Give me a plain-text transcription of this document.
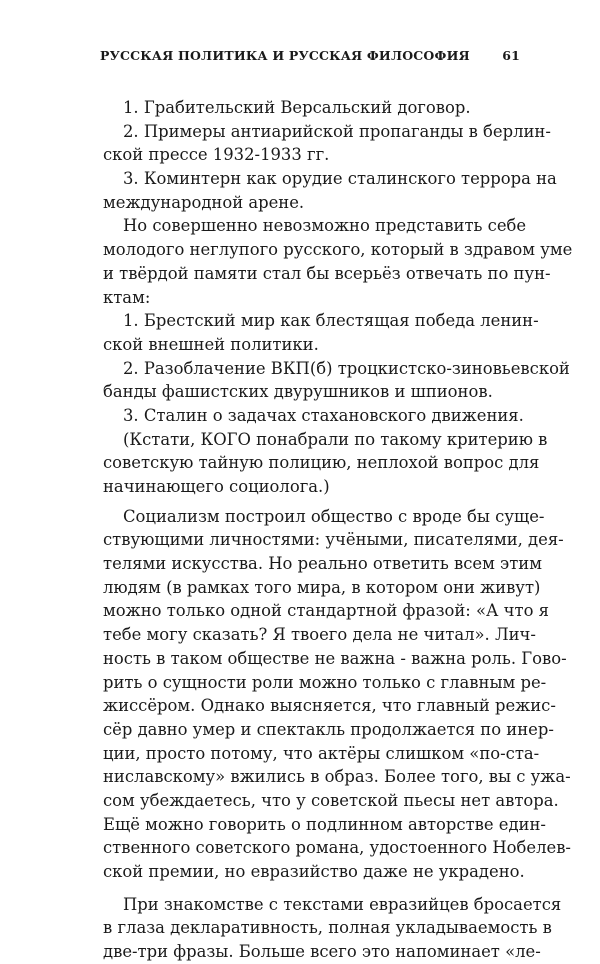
РУССКАЯ ПОЛИТИКА И РУССКАЯ ФИЛОСОФИЯ	61
1. Грабительский Версальский договор.
2. Примеры антиарийской пропаганды в берлин-
ской прессе 1932-1933 гг.
3. Коминтерн как орудие сталинского террора на
международной арене.
Но совершенно невозможно представить себе
молодого неглупого русского, который в здравом уме
и твёрдой памяти стал бы всерьёз отвечать по пун-
ктам:
1. Брестский мир как блестящая победа ленин-
ской внешней политики.
2. Разоблачение ВКП(б) троцкистско-зиновьевской
банды фашистских двурушников и шпионов.
3. Сталин о задачах стахановского движения.
(Кстати, КОГО понабрали по такому критерию в
советскую тайную полицию, неплохой вопрос для
начинающего социолога.)
Социализм построил общество с вроде бы суще-
ствующими личностями: учёными, писателями, дея-
телями искусства. Но реально ответить всем этим
людям (в рамках того мира, в котором они живут)
можно только одной стандартной фразой: «А что я
тебе могу сказать? Я твоего дела не читал». Лич-
ность в таком обществе не важна - важна роль. Гово-
рить о сущности роли можно только с главным ре-
жиссёром. Однако выясняется, что главный режис-
сёр давно умер и спектакль продолжается по инер-
ции, просто потому, что актёры слишком «по-ста-
ниславскому» вжились в образ. Более того, вы с ужа-
сом убеждаетесь, что у советской пьесы нет автора.
Ещё можно говорить о подлинном авторстве един-
ственного советского романа, удостоенного Нобелев-
ской премии, но евразийство даже не украдено.
При знакомстве с текстами евразийцев бросается
в глаза декларативность, полная укладываемость в
две-три фразы. Больше всего это напоминает «ле-
